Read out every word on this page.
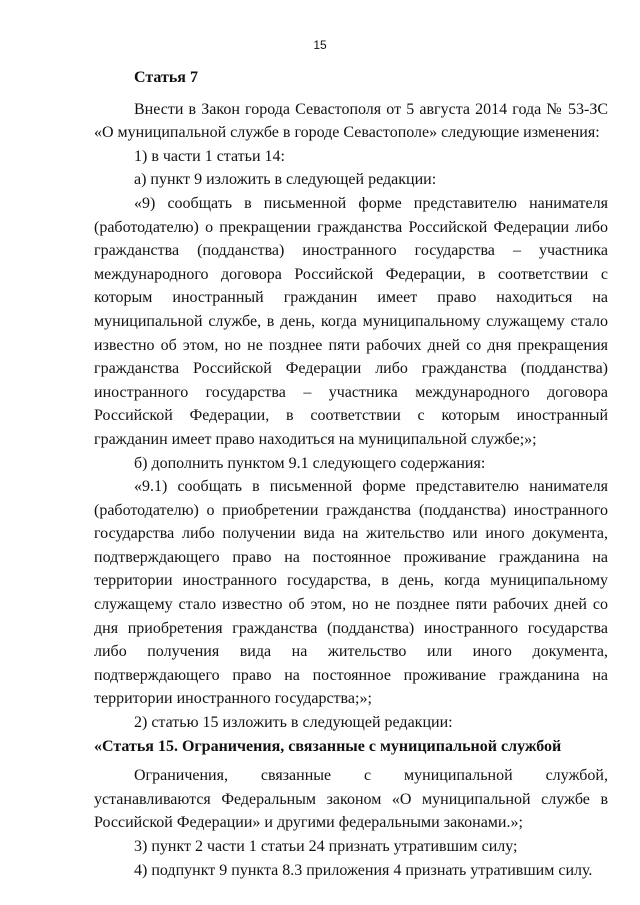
15

Статья 7

Внести в Закон города Севастополя от 5 августа 2014 года № 53-ЗС «О муниципальной службе в городе Севастополе» следующие изменения:

1) в части 1 статьи 14:

а) пункт 9 изложить в следующей редакции:

«9) сообщать в письменной форме представителю нанимателя (работодателю) о прекращении гражданства Российской Федерации либо гражданства (подданства) иностранного государства – участника международного договора Российской Федерации, в соответствии с которым иностранный гражданин имеет право находиться на муниципальной службе, в день, когда муниципальному служащему стало известно об этом, но не позднее пяти рабочих дней со дня прекращения гражданства Российской Федерации либо гражданства (подданства) иностранного государства – участника международного договора Российской Федерации, в соответствии с которым иностранный гражданин имеет право находиться на муниципальной службе;»;

б) дополнить пунктом 9.1 следующего содержания:

«9.1) сообщать в письменной форме представителю нанимателя (работодателю) о приобретении гражданства (подданства) иностранного государства либо получении вида на жительство или иного документа, подтверждающего право на постоянное проживание гражданина на территории иностранного государства, в день, когда муниципальному служащему стало известно об этом, но не позднее пяти рабочих дней со дня приобретения гражданства (подданства) иностранного государства либо получения вида на жительство или иного документа, подтверждающего право на постоянное проживание гражданина на территории иностранного государства;»;

2) статью 15 изложить в следующей редакции:

«Статья 15. Ограничения, связанные с муниципальной службой

Ограничения, связанные с муниципальной службой, устанавливаются Федеральным законом «О муниципальной службе в Российской Федерации» и другими федеральными законами.»;

3) пункт 2 части 1 статьи 24 признать утратившим силу;

4) подпункт 9 пункта 8.3 приложения 4 признать утратившим силу.
